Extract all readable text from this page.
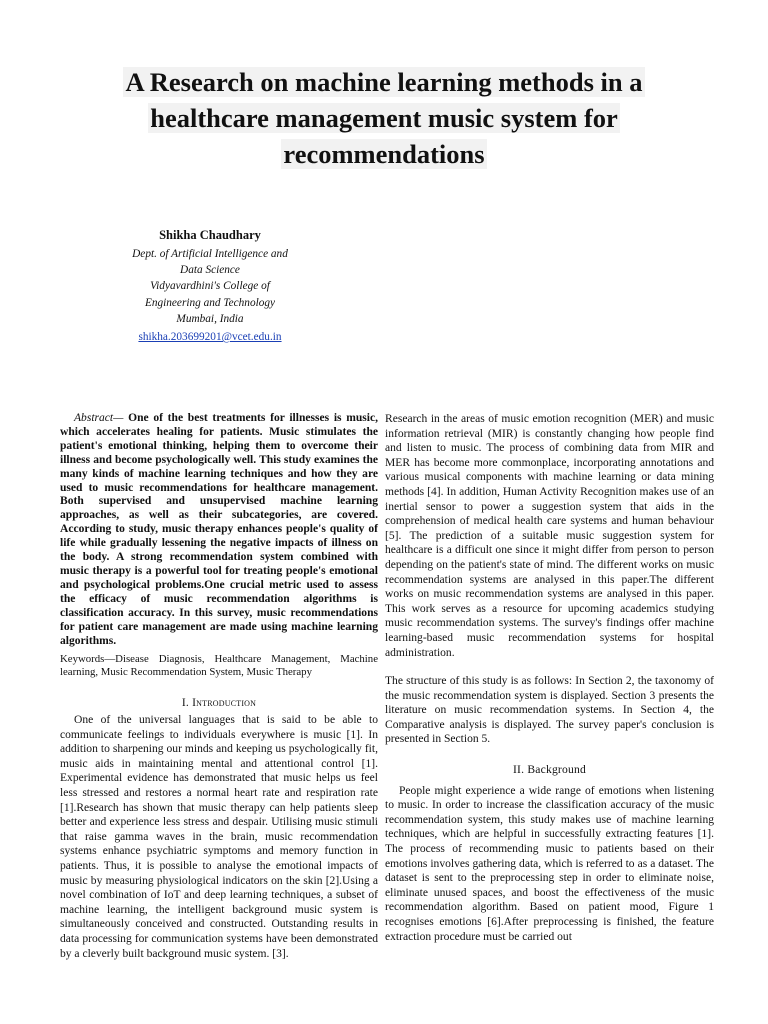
A Research on machine learning methods in a
healthcare management music system for
recommendations
Shikha Chaudhary
Dept. of Artificial Intelligence and
Data Science
Vidyavardhini's College of
Engineering and Technology
Mumbai, India
shikha.203699201@vcet.edu.in

Abstract— One of the best treatments for illnesses is music, which accelerates healing for patients. Music stimulates the patient's emotional thinking, helping them to overcome their illness and become psychologically well. This study examines the many kinds of machine learning techniques and how they are used to music recommendations for healthcare management. Both supervised and unsupervised machine learning approaches, as well as their subcategories, are covered. According to study, music therapy enhances people's quality of life while gradually lessening the negative impacts of illness on the body. A strong recommendation system combined with music therapy is a powerful tool for treating people's emotional and psychological problems.One crucial metric used to assess the efficacy of music recommendation algorithms is classification accuracy. In this survey, music recommendations for patient care management are made using machine learning algorithms.

Keywords—Disease Diagnosis, Healthcare Management, Machine learning, Music Recommendation System, Music Therapy

I. Introduction

One of the universal languages that is said to be able to communicate feelings to individuals everywhere is music [1]. In addition to sharpening our minds and keeping us psychologically fit, music aids in maintaining mental and attentional control [1]. Experimental evidence has demonstrated that music helps us feel less stressed and restores a normal heart rate and respiration rate [1].Research has shown that music therapy can help patients sleep better and experience less stress and despair. Utilising music stimuli that raise gamma waves in the brain, music recommendation systems enhance psychiatric symptoms and memory function in patients. Thus, it is possible to analyse the emotional impacts of music by measuring physiological indicators on the skin [2].Using a novel combination of IoT and deep learning techniques, a subset of machine learning, the intelligent background music system is simultaneously conceived and constructed. Outstanding results in data processing for communication systems have been demonstrated by a cleverly built background music system. [3].

Research in the areas of music emotion recognition (MER) and music information retrieval (MIR) is constantly changing how people find and listen to music. The process of combining data from MIR and MER has become more commonplace, incorporating annotations and various musical components with machine learning or data mining methods [4]. In addition, Human Activity Recognition makes use of an inertial sensor to power a suggestion system that aids in the comprehension of medical health care systems and human behaviour [5]. The prediction of a suitable music suggestion system for healthcare is a difficult one since it might differ from person to person depending on the patient's state of mind. The different works on music recommendation systems are analysed in this paper.The different works on music recommendation systems are analysed in this paper. This work serves as a resource for upcoming academics studying music recommendation systems. The survey's findings offer machine learning-based music recommendation systems for hospital administration.

The structure of this study is as follows: In Section 2, the taxonomy of the music recommendation system is displayed. Section 3 presents the literature on music recommendation systems. In Section 4, the Comparative analysis is displayed. The survey paper's conclusion is presented in Section 5.

II. Background

People might experience a wide range of emotions when listening to music. In order to increase the classification accuracy of the music recommendation system, this study makes use of machine learning techniques, which are helpful in successfully extracting features [1]. The process of recommending music to patients based on their emotions involves gathering data, which is referred to as a dataset. The dataset is sent to the preprocessing step in order to eliminate noise, eliminate unused spaces, and boost the effectiveness of the music recommendation algorithm. Based on patient mood, Figure 1 recognises emotions [6].After preprocessing is finished, the feature extraction procedure must be carried out
